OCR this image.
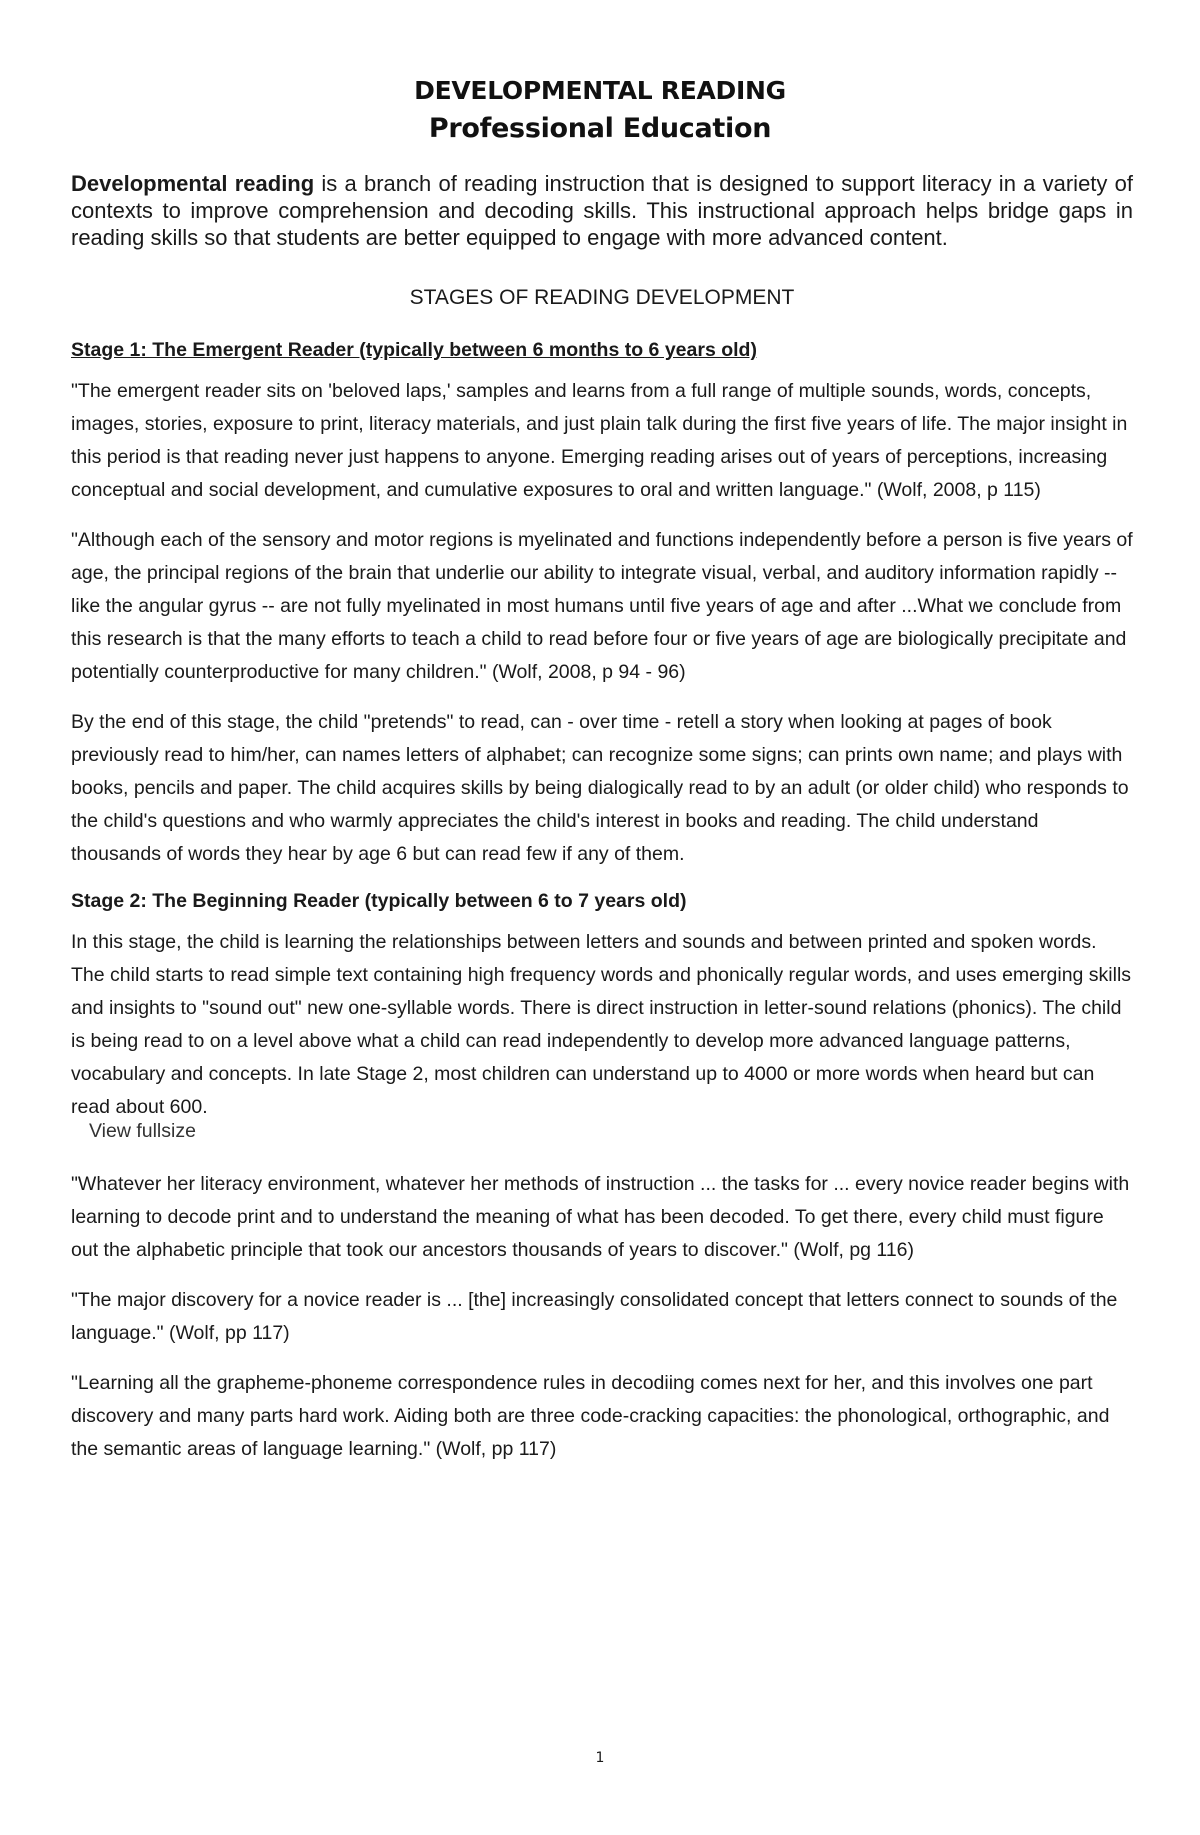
DEVELOPMENTAL READING
Professional Education

Developmental reading is a branch of reading instruction that is designed to support literacy in a variety of contexts to improve comprehension and decoding skills. This instructional approach helps bridge gaps in reading skills so that students are better equipped to engage with more advanced content.

STAGES OF READING DEVELOPMENT
Stage 1: The Emergent Reader (typically between 6 months to 6 years old)

"The emergent reader sits on 'beloved laps,' samples and learns from a full range of multiple sounds, words, concepts, images, stories, exposure to print, literacy materials, and just plain talk during the first five years of life. The major insight in this period is that reading never just happens to anyone. Emerging reading arises out of years of perceptions, increasing conceptual and social development, and cumulative exposures to oral and written language." (Wolf, 2008, p 115)

"Although each of the sensory and motor regions is myelinated and functions independently before a person is five years of age, the principal regions of the brain that underlie our ability to integrate visual, verbal, and auditory information rapidly -- like the angular gyrus -- are not fully myelinated in most humans until five years of age and after ...What we conclude from this research is that the many efforts to teach a child to read before four or five years of age are biologically precipitate and potentially counterproductive for many children." (Wolf, 2008, p 94 - 96)

By the end of this stage, the child "pretends" to read, can - over time - retell a story when looking at pages of book previously read to him/her, can names letters of alphabet; can recognize some signs; can prints own name; and plays with books, pencils and paper. The child acquires skills by being dialogically read to by an adult (or older child) who responds to the child's questions and who warmly appreciates the child's interest in books and reading. The child understand thousands of words they hear by age 6 but can read few if any of them.

Stage 2: The Beginning Reader (typically between 6 to 7 years old)

In this stage, the child is learning the relationships between letters and sounds and between printed and spoken words. The child starts to read simple text containing high frequency words and phonically regular words, and uses emerging skills and insights to "sound out" new one-syllable words. There is direct instruction in letter-sound relations (phonics). The child is being read to on a level above what a child can read independently to develop more advanced language patterns, vocabulary and concepts. In late Stage 2, most children can understand up to 4000 or more words when heard but can read about 600.

View fullsize

"Whatever her literacy environment, whatever her methods of instruction ... the tasks for ... every novice reader begins with learning to decode print and to understand the meaning of what has been decoded. To get there, every child must figure out the alphabetic principle that took our ancestors thousands of years to discover." (Wolf, pg 116)

"The major discovery for a novice reader is ... [the] increasingly consolidated concept that letters connect to sounds of the language." (Wolf, pp 117)

"Learning all the grapheme-phoneme correspondence rules in decodiing comes next for her, and this involves one part discovery and many parts hard work. Aiding both are three code-cracking capacities: the phonological, orthographic, and the semantic areas of language learning." (Wolf, pp 117)

1
